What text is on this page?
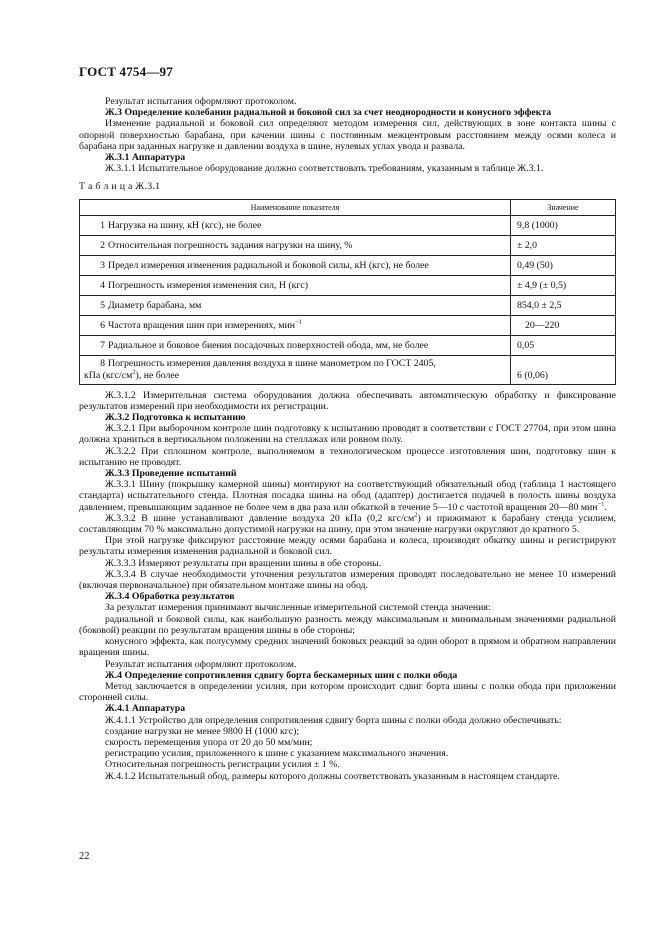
ГОСТ 4754—97

Результат испытания оформляют протоколом.

Ж.3 Определение колебания радиальной и боковой сил за счет неоднородности и конусного эффекта

Изменение радиальной и боковой сил определяют методом измерения сил, действующих в зоне контакта шины с опорной поверхностью барабана, при качении шины с постоянным межцентровым расстоянием между осями колеса и барабана при заданных нагрузке и давлении воздуха в шине, нулевых углах увода и развала.

Ж.3.1 Аппаратура

Ж.3.1.1 Испытательное оборудование должно соответствовать требованиям, указанным в таблице Ж.3.1.

Т а б л и ц а Ж.3.1

Наименование показателя	Значение
1 Нагрузка на шину, кН (кгс), не более	9,8 (1000)
2 Относительная погрешность задания нагрузки на шину, %	± 2,0
3 Предел измерения изменения радиальной и боковой силы, кН (кгс), не более	0,49 (50)
4 Погрешность измерения изменения сил, Н (кгс)	± 4,9 (± 0,5)
5 Диаметр барабана, мм	854,0 ± 2,5
6 Частота вращения шин при измерениях, мин$^{-1}$	20—220
7 Радиальное и боковое биения посадочных поверхностей обода, мм, не более	0,05
8 Погрешность измерения давления воздуха в шине манометром по ГОСТ 2405,
кПа $(кгс/см^2)$, не более	6 (0,06)

Ж.3.1.2 Измерительная система оборудования должна обеспечивать автоматическую обработку и фиксирование результатов измерений при необходимости их регистрации.

Ж.3.2 Подготовка к испытанию

Ж.3.2.1 При выборочном контроле шин подготовку к испытанию проводят в соответствии с ГОСТ 27704, при этом шина должна храниться в вертикальном положении на стеллажах или ровном полу.

Ж.3.2.2 При сплошном контроле, выполняемом в технологическом процессе изготовления шин, подготовку шин к испытанию не проводят.

Ж.3.3 Проведение испытаний

Ж.3.3.1 Шину (покрышку камерной шины) монтируют на соответствующий обязательный обод (таблица 1 настоящего стандарта) испытательного стенда. Плотная посадка шины на обод (адаптер) достигается подачей в полость шины воздуха давлением, превышающим заданное не более чем в два раза или обкаткой в течение 5—10 с частотой вращения 20—80 мин$^{-1}$.

Ж.3.3.2 В шине устанавливают давление воздуха 20 кПа (0,2 кгс/$см^2$) и прижимают к барабану стенда усилием, составляющим 70 % максимально допустимой нагрузки на шину, при этом значение нагрузки округляют до кратного 5.

При этой нагрузке фиксируют расстояние между осями барабана и колеса, производят обкатку шины и регистрируют результаты измерения изменения радиальной и боковой сил.

Ж.3.3.3 Измеряют результаты при вращении шины в обе стороны.

Ж.3.3.4 В случае необходимости уточнения результатов измерения проводят последовательно не менее 10 измерений (включая первоначальное) при обязательном монтаже шины на обод.

Ж.3.4 Обработка результатов

За результат измерения принимают вычисленные измерительной системой стенда значения:

радиальной и боковой силы, как наибольшую разность между максимальным и минимальным значениями радиальной (боковой) реакции по результатам вращения шины в обе стороны;

конусного эффекта, как полусумму средних значений боковых реакций за один оборот в прямом и обратном направлении вращения шины.

Результат испытания оформляют протоколом.

Ж.4 Определение сопротивления сдвигу борта бескамерных шин с полки обода

Метод заключается в определении усилия, при котором происходит сдвиг борта шины с полки обода при приложении сторонней силы.

Ж.4.1 Аппаратура

Ж.4.1.1 Устройство для определения сопротивления сдвигу борта шины с полки обода должно обеспечивать:

создание нагрузки не менее 9800 Н (1000 кгс);

скорость перемещения упора от 20 до 50 мм/мин;

регистрацию усилия, приложенного к шине с указанием максимального значения.

Относительная погрешность регистрации усилия ± 1 %.

Ж.4.1.2 Испытательный обод, размеры которого должны соответствовать указанным в настоящем стандарте.

22
